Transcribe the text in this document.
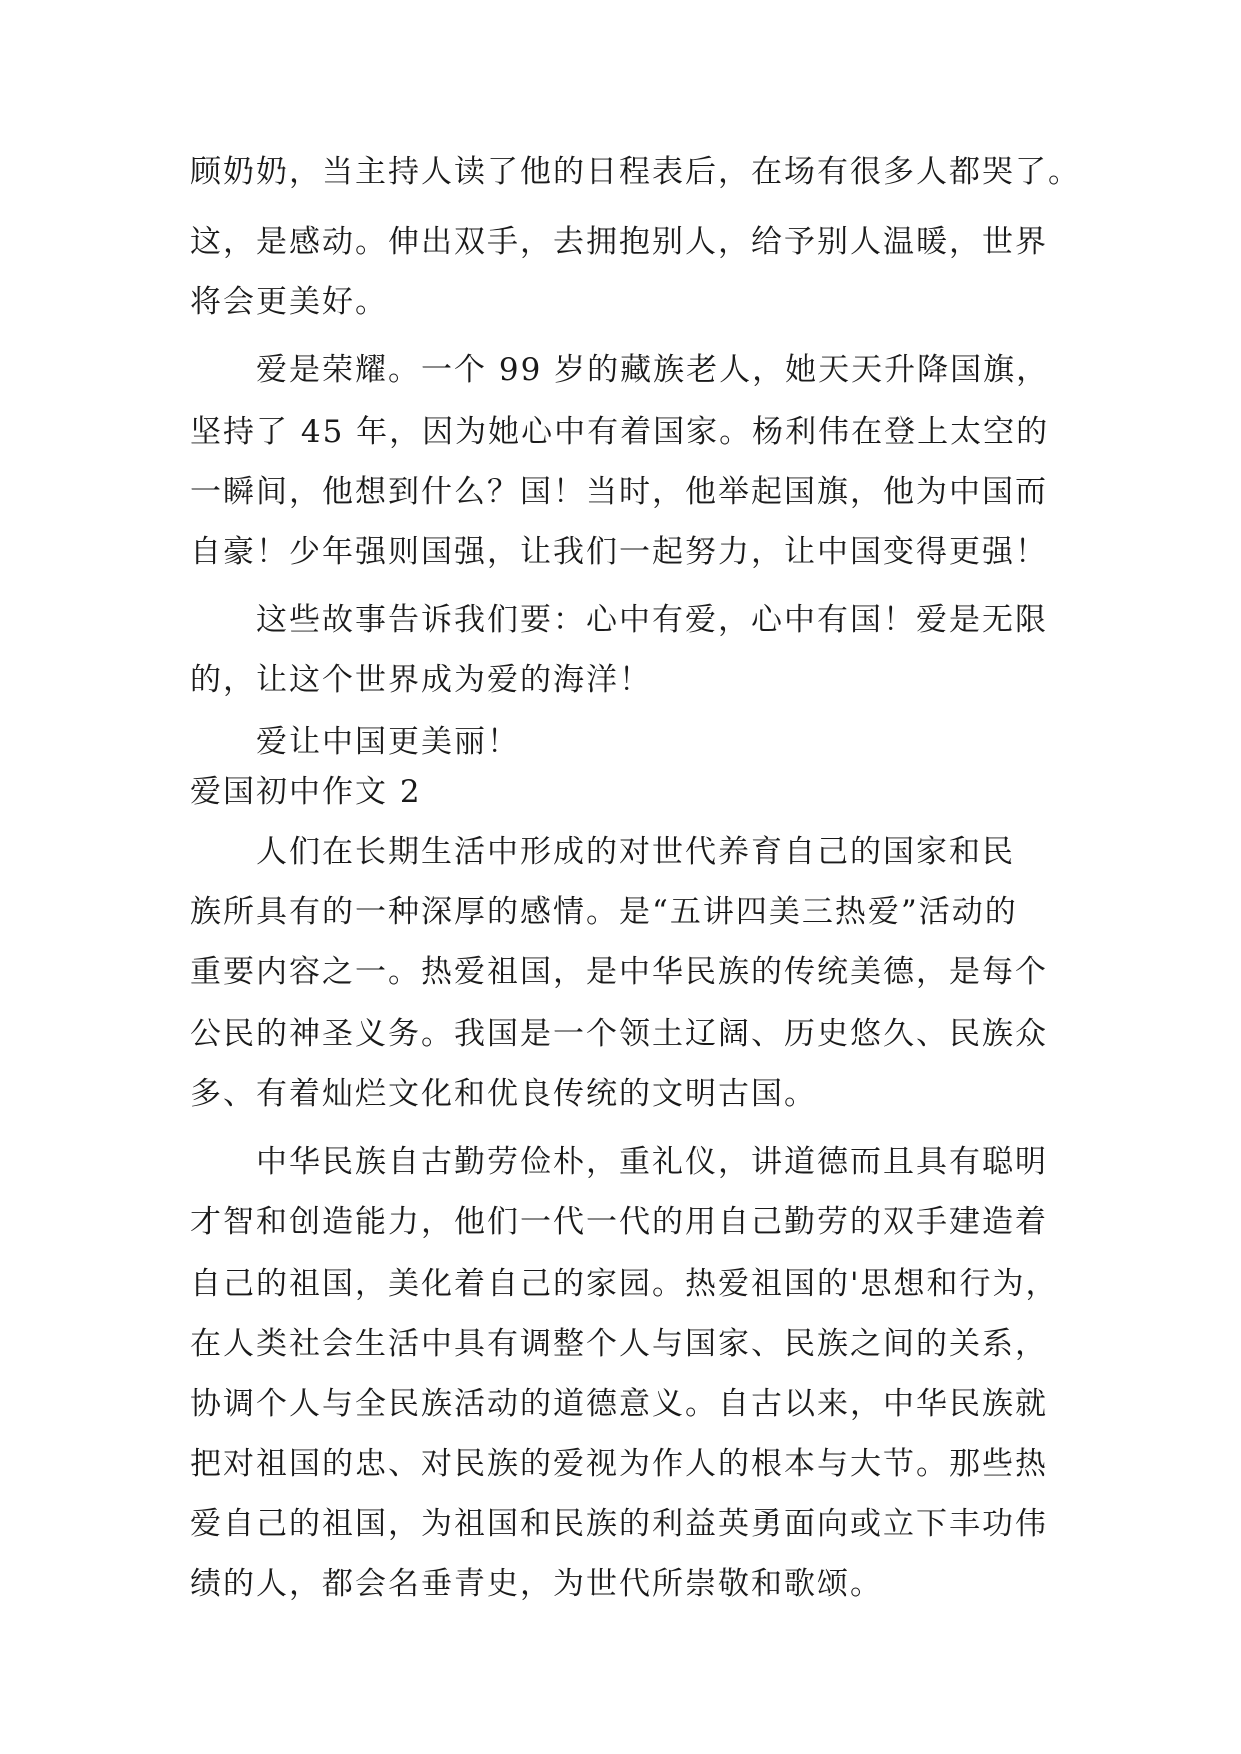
顾奶奶，当主持人读了他的日程表后，在场有很多人都哭了。
这，是感动。伸出双手，去拥抱别人，给予别人温暖，世界
将会更美好。
爱是荣耀。一个 99 岁的藏族老人，她天天升降国旗，
坚持了 45 年，因为她心中有着国家。杨利伟在登上太空的
一瞬间，他想到什么？国！当时，他举起国旗，他为中国而
自豪！少年强则国强，让我们一起努力，让中国变得更强！
这些故事告诉我们要：心中有爱，心中有国！爱是无限
的，让这个世界成为爱的海洋！
爱让中国更美丽！
爱国初中作文 2
人们在长期生活中形成的对世代养育自己的国家和民
族所具有的一种深厚的感情。是“五讲四美三热爱”活动的
重要内容之一。热爱祖国，是中华民族的传统美德，是每个
公民的神圣义务。我国是一个领土辽阔、历史悠久、民族众
多、有着灿烂文化和优良传统的文明古国。
中华民族自古勤劳俭朴，重礼仪，讲道德而且具有聪明
才智和创造能力，他们一代一代的用自己勤劳的双手建造着
自己的祖国，美化着自己的家园。热爱祖国的'思想和行为，
在人类社会生活中具有调整个人与国家、民族之间的关系，
协调个人与全民族活动的道德意义。自古以来，中华民族就
把对祖国的忠、对民族的爱视为作人的根本与大节。那些热
爱自己的祖国，为祖国和民族的利益英勇面向或立下丰功伟
绩的人，都会名垂青史，为世代所崇敬和歌颂。
